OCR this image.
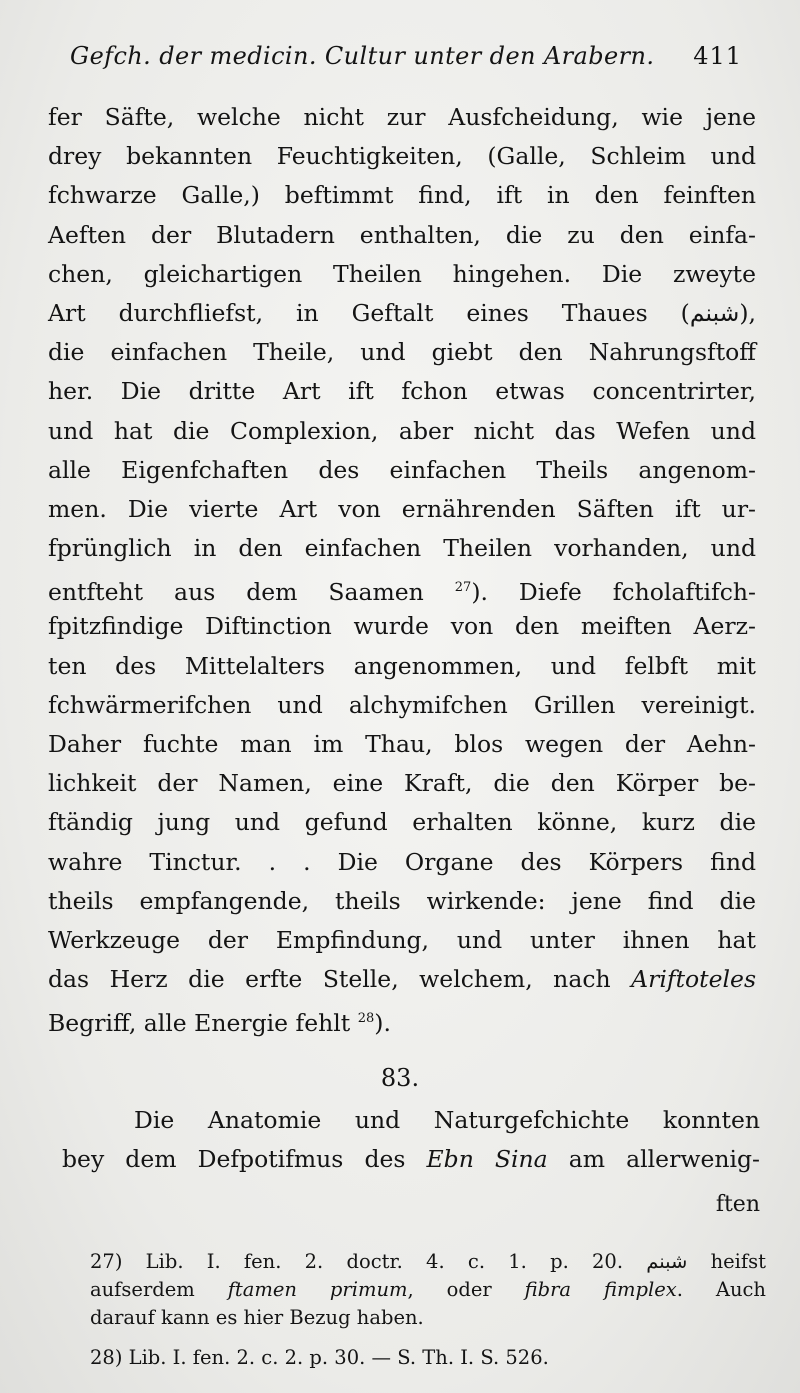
Gefch. der medicin. Cultur unter den Arabern. 411
fer Säfte, welche nicht zur Ausfcheidung, wie jene
drey bekannten Feuchtigkeiten, (Galle, Schleim und
fchwarze Galle,) beftimmt find, ift in den feinften
Aeften der Blutadern enthalten, die zu den einfa-
chen, gleichartigen Theilen hingehen. Die zweyte
Art durchfliefst, in Geftalt eines Thaues (شبنم),
die einfachen Theile, und giebt den Nahrungsftoff
her. Die dritte Art ift fchon etwas concentrirter,
und hat die Complexion, aber nicht das Wefen und
alle Eigenfchaften des einfachen Theils angenom-
men. Die vierte Art von ernährenden Säften ift ur-
fprünglich in den einfachen Theilen vorhanden, und
entfteht aus dem Saamen $^{27}$). Diefe fcholaftifch-
fpitzfindige Diftinction wurde von den meiften Aerz-
ten des Mittelalters angenommen, und felbft mit
fchwärmerifchen und alchymifchen Grillen vereinigt.
Daher fuchte man im Thau, blos wegen der Aehn-
lichkeit der Namen, eine Kraft, die den Körper be-
ftändig jung und gefund erhalten könne, kurz die
wahre Tinctur. . . Die Organe des Körpers find
theils empfangende, theils wirkende: jene find die
Werkzeuge der Empfindung, und unter ihnen hat
das Herz die erfte Stelle, welchem, nach Ariftoteles
Begriff, alle Energie fehlt $^{28}$).
83.
Die Anatomie und Naturgefchichte konnten
bey dem Defpotifmus des Ebn Sina am allerwenig-
ften
27) Lib. I. fen. 2. doctr. 4. c. 1. p. 20. شبنم heifst
aufserdem ftamen primum, oder fibra fimplex. Auch
darauf kann es hier Bezug haben.
28) Lib. I. fen. 2. c. 2. p. 30. — S. Th. I. S. 526.
